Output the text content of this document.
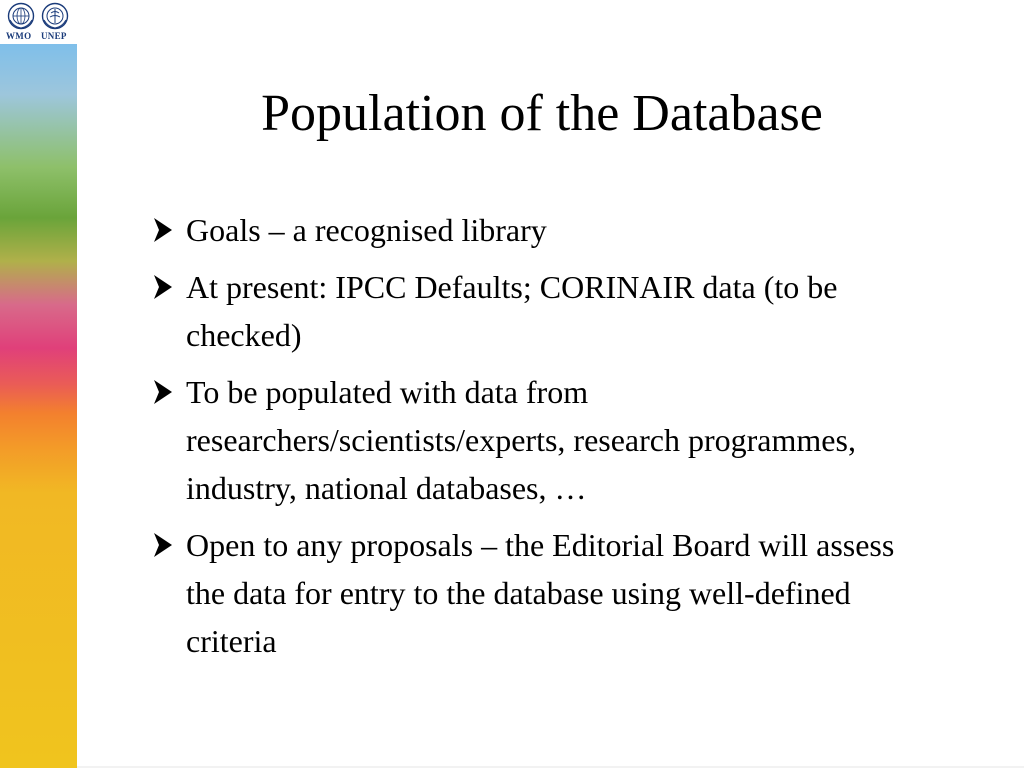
WMO UNEP
Population of the Database
Goals – a recognised library
At present: IPCC Defaults; CORINAIR data (to be checked)
To be populated with data from researchers/scientists/experts, research programmes, industry, national databases, …
Open to any proposals – the Editorial Board will assess the data for entry to the database using well-defined criteria
